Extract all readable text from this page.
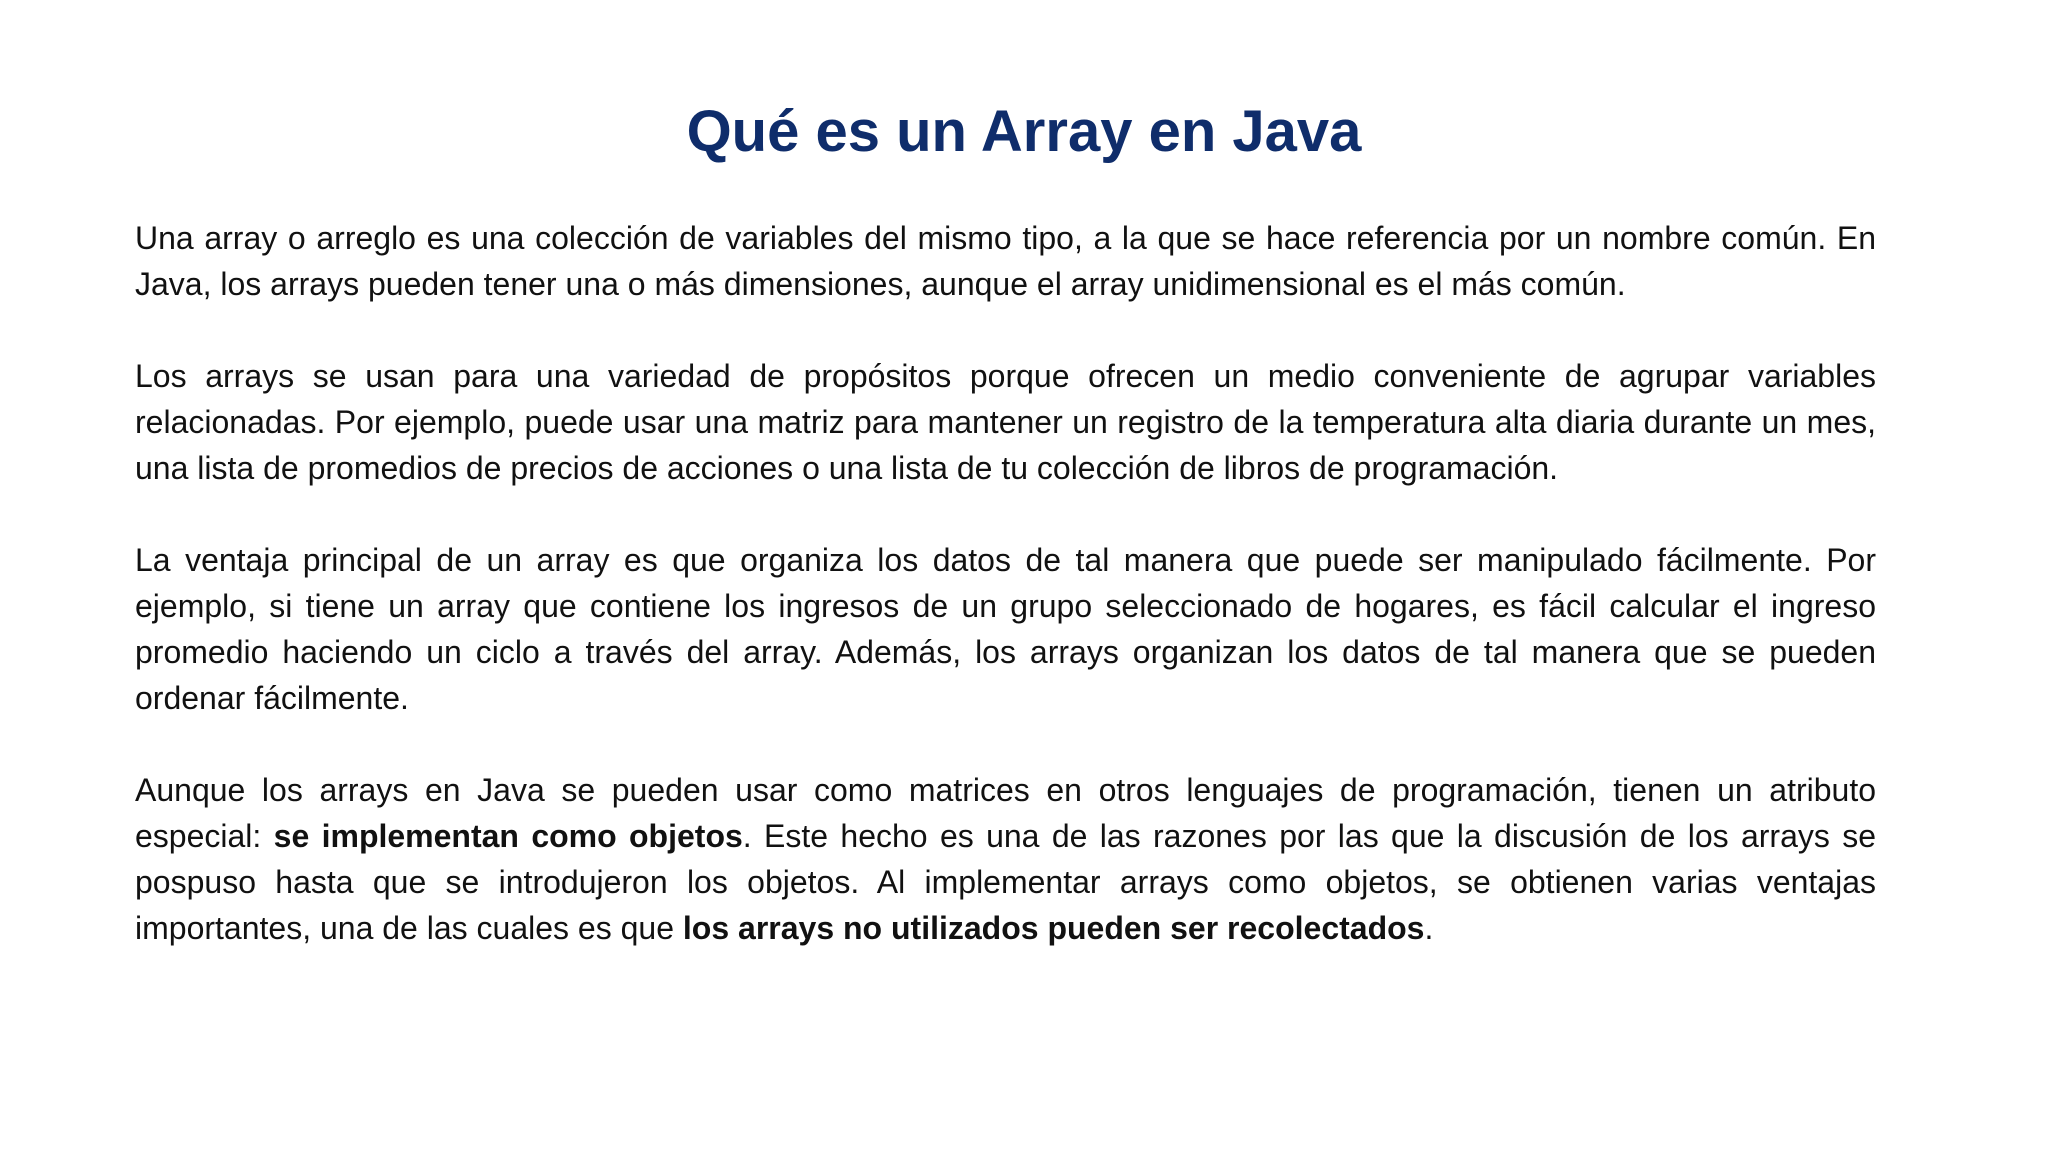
Qué es un Array en Java

Una array o arreglo es una colección de variables del mismo tipo, a la que se hace referencia por un nombre común. En Java, los arrays pueden tener una o más dimensiones, aunque el array unidimensional es el más común.

Los arrays se usan para una variedad de propósitos porque ofrecen un medio conveniente de agrupar variables relacionadas. Por ejemplo, puede usar una matriz para mantener un registro de la temperatura alta diaria durante un mes, una lista de promedios de precios de acciones o una lista de tu colección de libros de programación.

La ventaja principal de un array es que organiza los datos de tal manera que puede ser manipulado fácilmente. Por ejemplo, si tiene un array que contiene los ingresos de un grupo seleccionado de hogares, es fácil calcular el ingreso promedio haciendo un ciclo a través del array. Además, los arrays organizan los datos de tal manera que se pueden ordenar fácilmente.

Aunque los arrays en Java se pueden usar como matrices en otros lenguajes de programación, tienen un atributo especial: se implementan como objetos. Este hecho es una de las razones por las que la discusión de los arrays se pospuso hasta que se introdujeron los objetos. Al implementar arrays como objetos, se obtienen varias ventajas importantes, una de las cuales es que los arrays no utilizados pueden ser recolectados.
